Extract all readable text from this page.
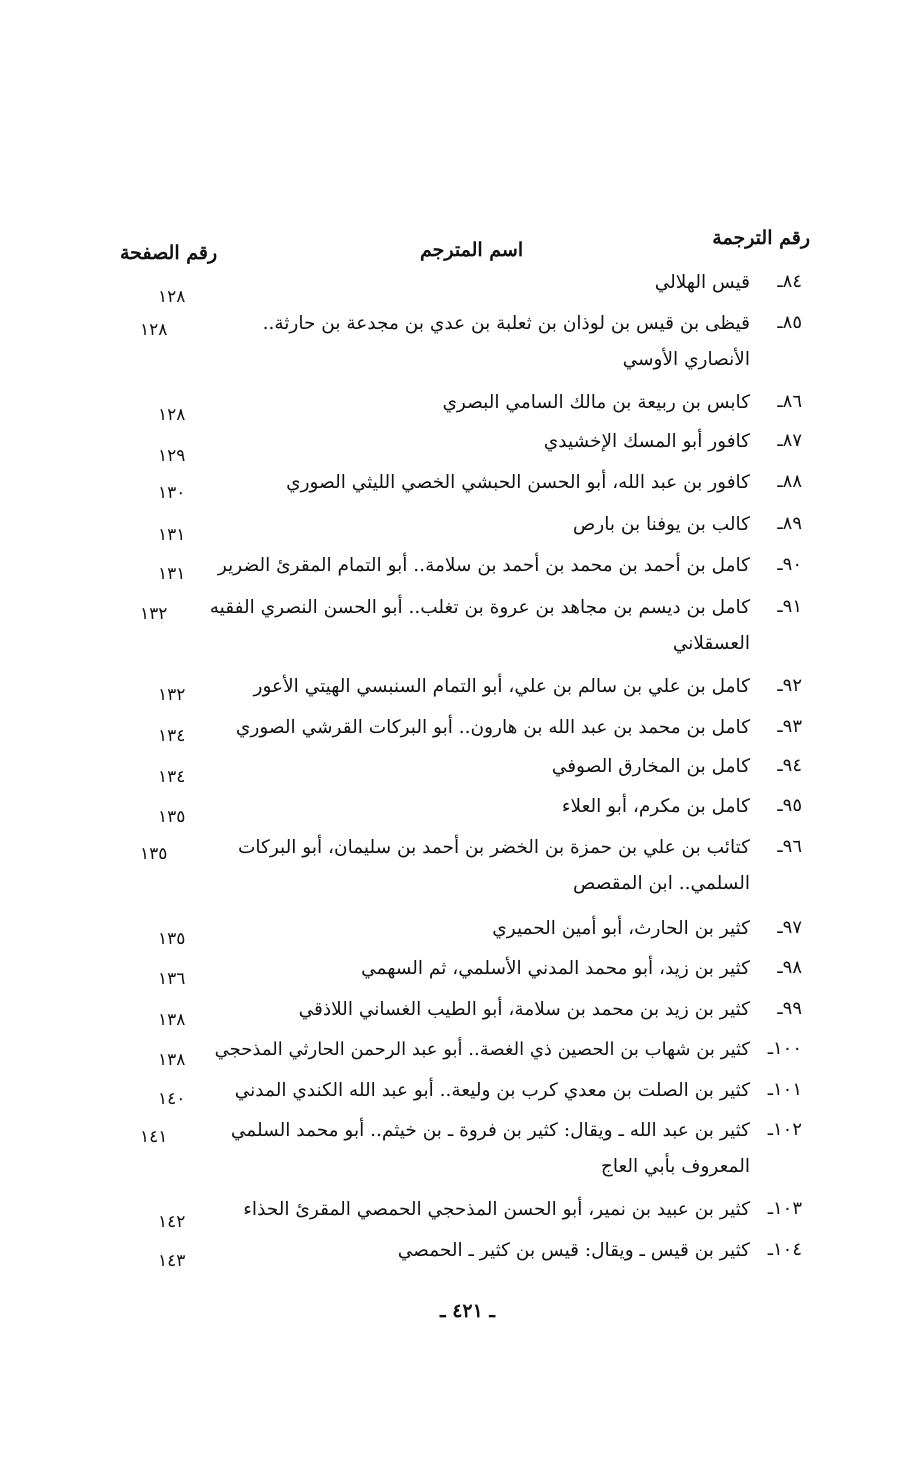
رقم الترجمة
اسم المترجم
رقم الصفحة
٨٤ـ
قيس الهلالي
١٢٨
٨٥ـ
قيظى بن قيس بن لوذان بن ثعلبة بن عدي بن مجدعة بن حارثة..
الأنصاري الأوسي
١٢٨
٨٦ـ
كابس بن ربيعة بن مالك السامي البصري
١٢٨
٨٧ـ
كافور أبو المسك الإخشيدي
١٢٩
٨٨ـ
كافور بن عبد الله، أبو الحسن الحبشي الخصي الليثي الصوري
١٣٠
٨٩ـ
كالب بن يوفنا بن بارص
١٣١
٩٠ـ
كامل بن أحمد بن محمد بن أحمد بن سلامة.. أبو التمام المقرئ الضرير
١٣١
٩١ـ
كامل بن ديسم بن مجاهد بن عروة بن تغلب.. أبو الحسن النصري الفقيه
العسقلاني
١٣٢
٩٢ـ
كامل بن علي بن سالم بن علي، أبو التمام السنبسي الهيتي الأعور
١٣٢
٩٣ـ
كامل بن محمد بن عبد الله بن هارون.. أبو البركات القرشي الصوري
١٣٤
٩٤ـ
كامل بن المخارق الصوفي
١٣٤
٩٥ـ
كامل بن مكرم، أبو العلاء
١٣٥
٩٦ـ
كتائب بن علي بن حمزة بن الخضر بن أحمد بن سليمان، أبو البركات
السلمي.. ابن المقصص
١٣٥
٩٧ـ
كثير بن الحارث، أبو أمين الحميري
١٣٥
٩٨ـ
كثير بن زيد، أبو محمد المدني الأسلمي، ثم السهمي
١٣٦
٩٩ـ
كثير بن زيد بن محمد بن سلامة، أبو الطيب الغساني اللاذقي
١٣٨
١٠٠ـ
كثير بن شهاب بن الحصين ذي الغصة.. أبو عبد الرحمن الحارثي المذحجي
١٣٨
١٠١ـ
كثير بن الصلت بن معدي كرب بن وليعة.. أبو عبد الله الكندي المدني
١٤٠
١٠٢ـ
كثير بن عبد الله ـ ويقال: كثير بن فروة ـ بن خيثم.. أبو محمد السلمي
المعروف بأبي العاج
١٤١
١٠٣ـ
كثير بن عبيد بن نمير، أبو الحسن المذحجي الحمصي المقرئ الحذاء
١٤٢
١٠٤ـ
كثير بن قيس ـ ويقال: قيس بن كثير ـ الحمصي
١٤٣
ـ ٤٢١ ـ
